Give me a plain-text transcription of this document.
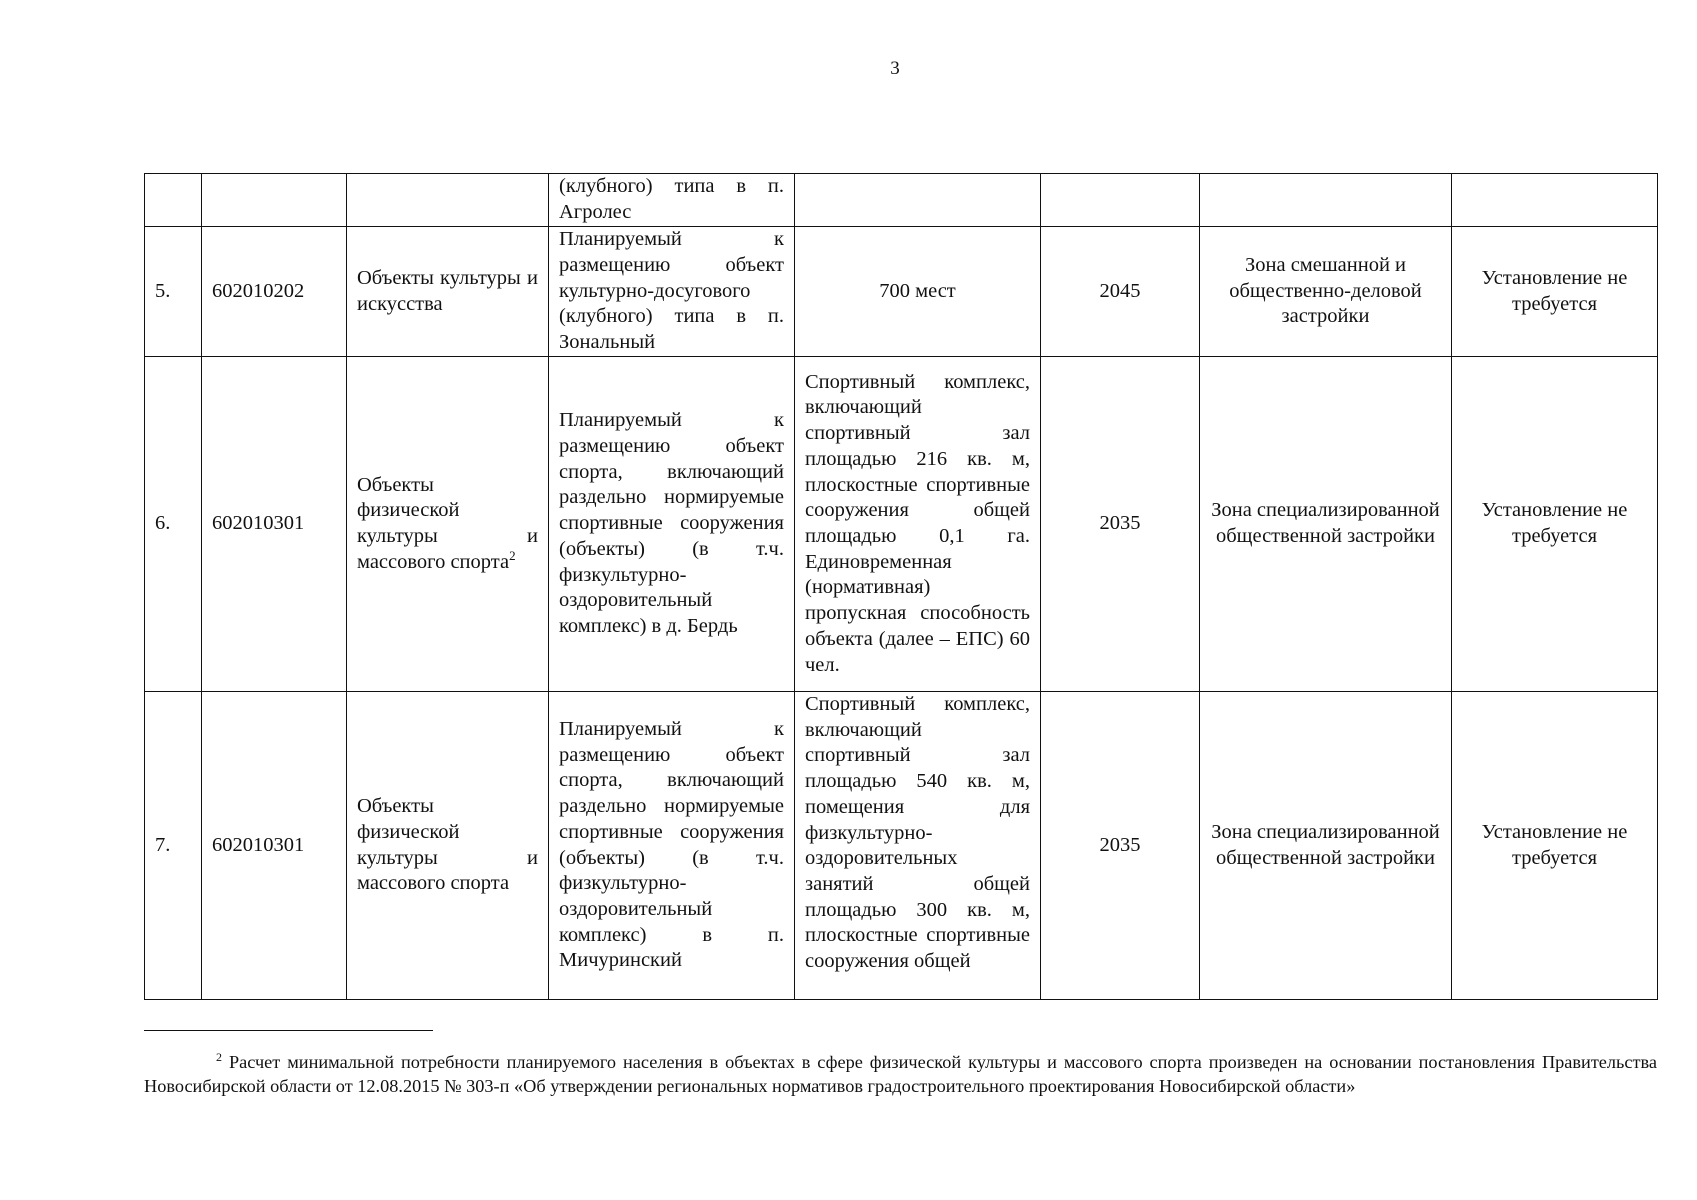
3
			(клубного) типа в п. Агролес				
5.	602010202	Объекты культуры и искусства	Планируемый к размещению объект культурно-досугового (клубного) типа в п. Зональный	700 мест	2045	Зона смешанной и общественно-деловой застройки	Установление не требуется
6.	602010301	Объекты физической культуры и массового спорта$^2$	Планируемый к размещению объект спорта, включающий раздельно нормируемые спортивные сооружения (объекты) (в т.ч. физкультурно-оздоровительный комплекс) в д. Бердь	Спортивный комплекс, включающий спортивный зал площадью 216 кв. м, плоскостные спортивные сооружения общей площадью 0,1 га. Единовременная (нормативная) пропускная способность объекта (далее – ЕПС) 60 чел.	2035	Зона специализированной общественной застройки	Установление не требуется
7.	602010301	Объекты физической культуры и массового спорта	Планируемый к размещению объект спорта, включающий раздельно нормируемые спортивные сооружения (объекты) (в т.ч. физкультурно-оздоровительный комплекс) в п. Мичуринский	Спортивный комплекс, включающий спортивный зал площадью 540 кв. м, помещения для физкультурно-оздоровительных занятий общей площадью 300 кв. м, плоскостные спортивные сооружения общей	2035	Зона специализированной общественной застройки	Установление не требуется
$^2$ Расчет минимальной потребности планируемого населения в объектах в сфере физической культуры и массового спорта произведен на основании постановления Правительства Новосибирской области от 12.08.2015 № 303-п «Об утверждении региональных нормативов градостроительного проектирования Новосибирской области»
